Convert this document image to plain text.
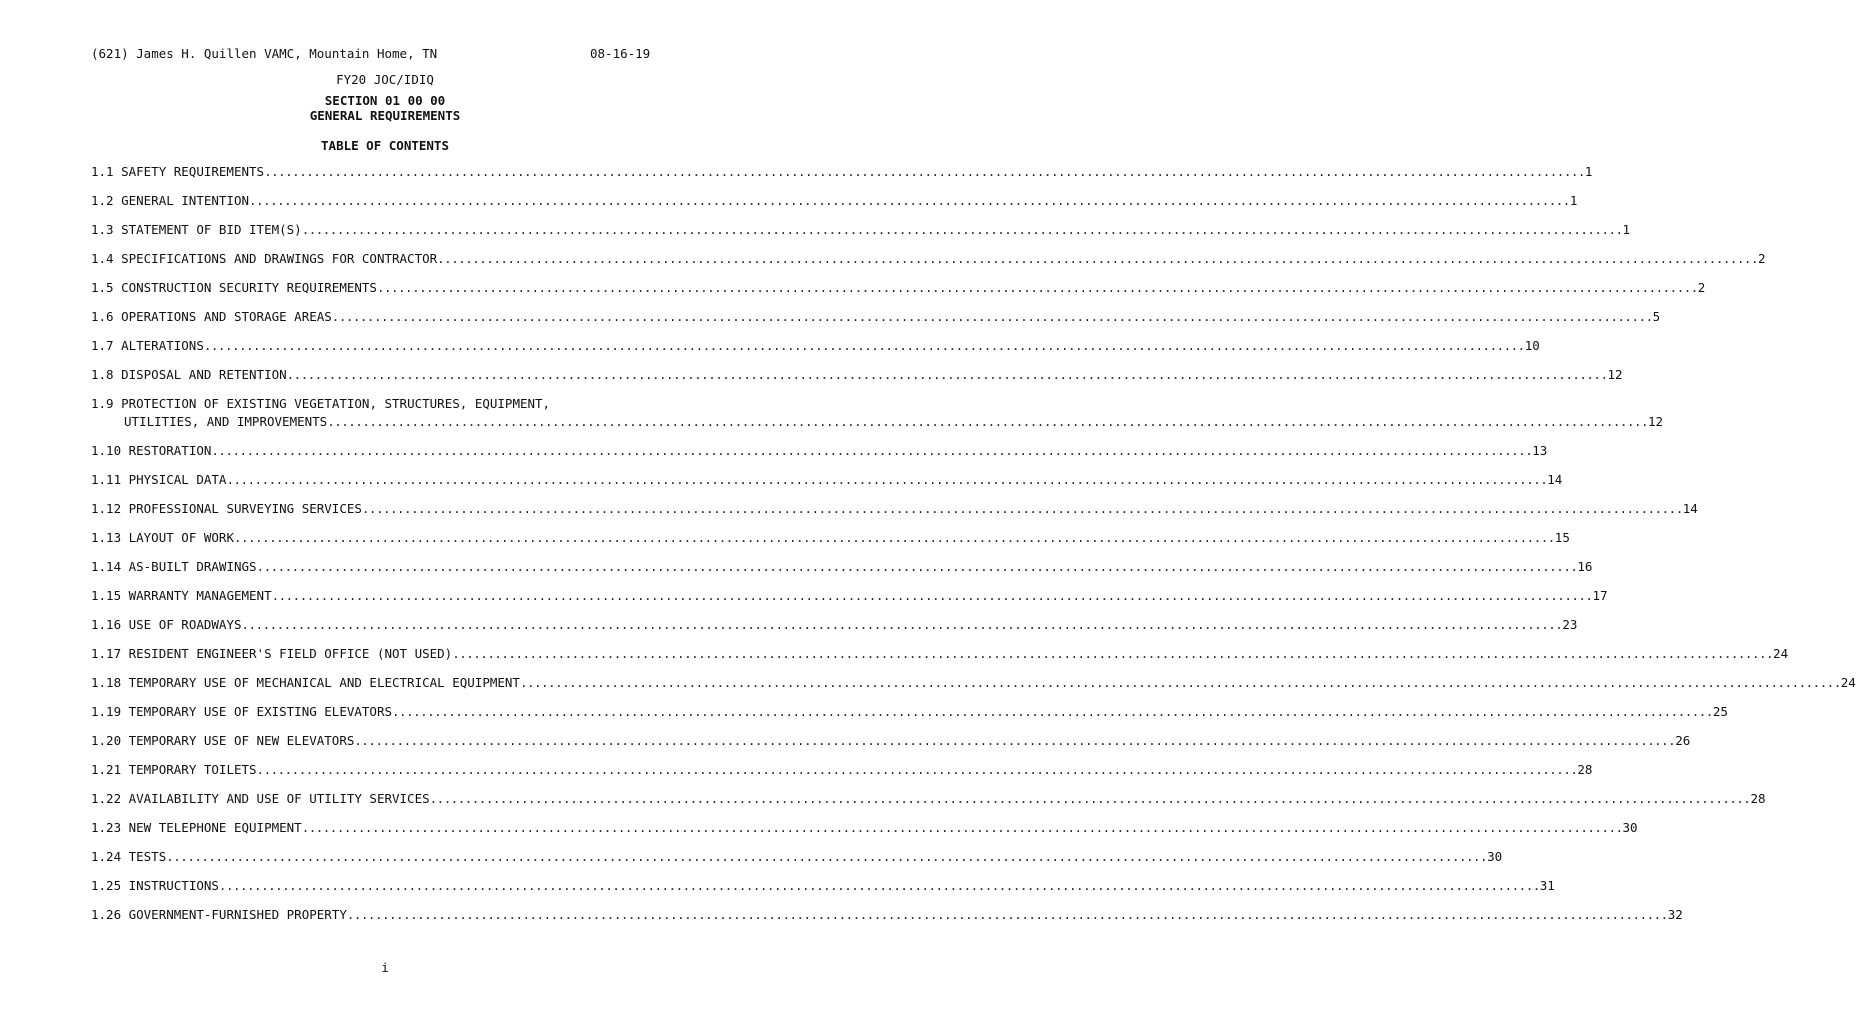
(621) James H. Quillen VAMC, Mountain Home, TN	08-16-19
FY20 JOC/IDIQ
SECTION 01 00 00
GENERAL REQUIREMENTS
TABLE OF CONTENTS
1.1 SAFETY REQUIREMENTS .....	1
1.2 GENERAL INTENTION .....	1
1.3 STATEMENT OF BID ITEM(S) .....	1
1.4 SPECIFICATIONS AND DRAWINGS FOR CONTRACTOR .....	2
1.5 CONSTRUCTION SECURITY REQUIREMENTS .....	2
1.6 OPERATIONS AND STORAGE AREAS .....	5
1.7 ALTERATIONS .....	10
1.8 DISPOSAL AND RETENTION .....	12
1.9 PROTECTION OF EXISTING VEGETATION, STRUCTURES, EQUIPMENT,
UTILITIES, AND IMPROVEMENTS .....	12
1.10 RESTORATION .....	13
1.11 PHYSICAL DATA .....	14
1.12 PROFESSIONAL SURVEYING SERVICES .....	14
1.13 LAYOUT OF WORK .....	15
1.14 AS-BUILT DRAWINGS .....	16
1.15 WARRANTY MANAGEMENT .....	17
1.16 USE OF ROADWAYS .....	23
1.17 RESIDENT ENGINEER'S FIELD OFFICE (NOT USED) .....	24
1.18 TEMPORARY USE OF MECHANICAL AND ELECTRICAL EQUIPMENT .....	24
1.19 TEMPORARY USE OF EXISTING ELEVATORS .....	25
1.20 TEMPORARY USE OF NEW ELEVATORS .....	26
1.21 TEMPORARY TOILETS .....	28
1.22 AVAILABILITY AND USE OF UTILITY SERVICES .....	28
1.23 NEW TELEPHONE EQUIPMENT .....	30
1.24 TESTS .....	30
1.25 INSTRUCTIONS .....	31
1.26 GOVERNMENT-FURNISHED PROPERTY .....	32
i
